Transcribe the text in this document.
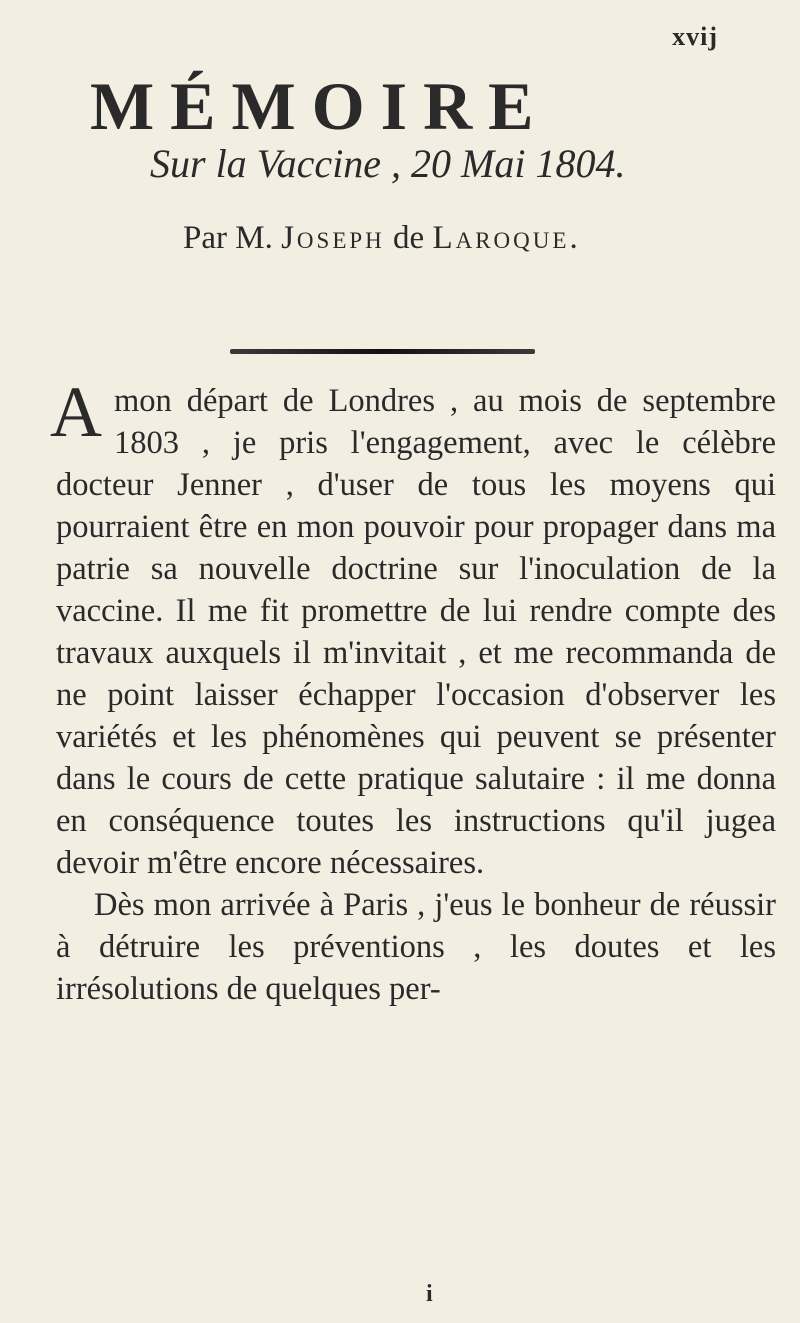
xvij
MÉMOIRE
Sur la Vaccine , 20 Mai 1804.
Par M. Joseph de Laroque.

A mon départ de Londres , au mois de septembre 1803 , je pris l'engagement, avec le célèbre docteur Jenner , d'user de tous les moyens qui pourraient être en mon pouvoir pour propager dans ma patrie sa nouvelle doctrine sur l'inoculation de la vaccine. Il me fit promettre de lui rendre compte des travaux auxquels il m'invitait , et me recommanda de ne point laisser échapper l'occasion d'observer les variétés et les phénomènes qui peuvent se présenter dans le cours de cette pratique salutaire : il me donna en conséquence toutes les instructions qu'il jugea devoir m'être encore nécessaires.

Dès mon arrivée à Paris , j'eus le bonheur de réussir à détruire les préventions , les doutes et les irrésolutions de quelques per-

i
